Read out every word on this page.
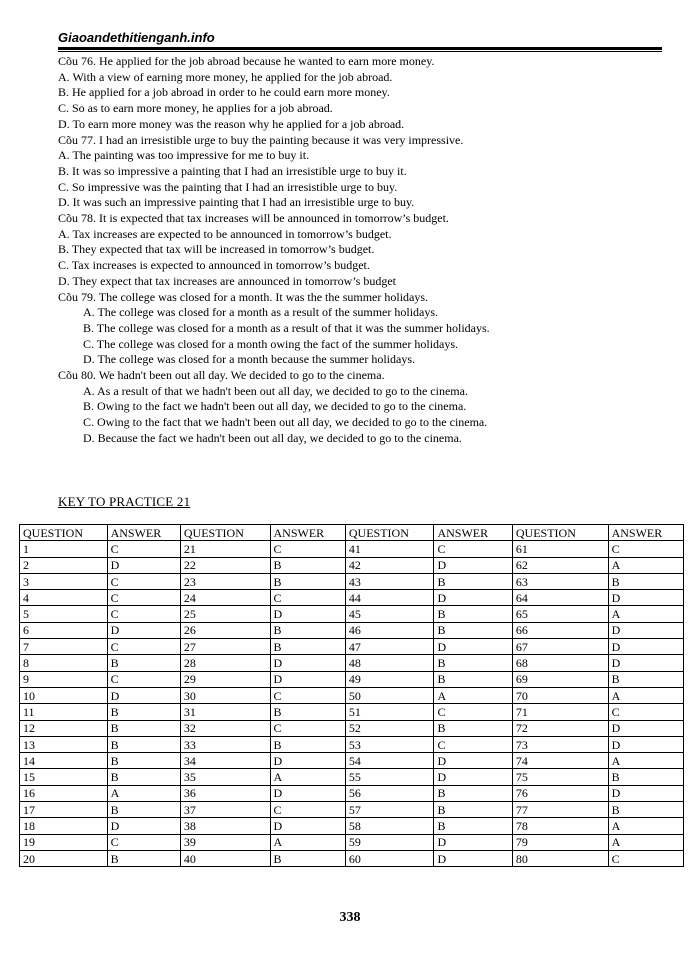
Giaoandethitienganh.info
Cõu 76. He applied for the job abroad because he wanted to earn more money.
A. With a view of earning more money, he applied for the job abroad.
B. He applied for a job abroad in order to he could earn more money.
C. So as to earn more money, he applies for a job abroad.
D. To earn more money was the reason why he applied for a job abroad.
Cõu 77. I had an irresistible urge to buy the painting because it was very impressive.
A. The painting was too impressive for me to buy it.
B. It was so impressive a painting that I had an irresistible urge to buy it.
C. So impressive was the painting that I had an irresistible urge to buy.
D. It was such an impressive painting that I had an irresistible urge to buy.
Cõu 78. It is expected that tax increases will be announced in tomorrow’s budget.
A. Tax increases are expected to be announced in tomorrow’s budget.
B. They expected that tax will be increased in tomorrow’s budget.
C. Tax increases is expected to announced in tomorrow’s budget.
D. They expect that tax increases are announced in tomorrow’s budget
Cõu 79. The college was closed for a month. It was the the summer holidays.
A. The college was closed for a month as a result of the summer holidays.
B. The college was closed for a month as a result of that it was the summer holidays.
C. The college was closed for a month owing the fact of the summer holidays.
D. The college was closed for a month because the summer holidays.
Cõu 80. We hadn't been out all day. We decided to go to the cinema.
A. As a result of that we hadn't been out all day, we decided to go to the cinema.
B. Owing to the fact we hadn't been out all day, we decided to go to the cinema.
C. Owing to the fact that we hadn't been out all day, we decided to go to the cinema.
D. Because the fact we hadn't been out all day, we decided to go to the cinema.
KEY TO PRACTICE 21
QUESTION	ANSWER	QUESTION	ANSWER	QUESTION	ANSWER	QUESTION	ANSWER
1	C	21	C	41	C	61	C
2	D	22	B	42	D	62	A
3	C	23	B	43	B	63	B
4	C	24	C	44	D	64	D
5	C	25	D	45	B	65	A
6	D	26	B	46	B	66	D
7	C	27	B	47	D	67	D
8	B	28	D	48	B	68	D
9	C	29	D	49	B	69	B
10	D	30	C	50	A	70	A
11	B	31	B	51	C	71	C
12	B	32	C	52	B	72	D
13	B	33	B	53	C	73	D
14	B	34	D	54	D	74	A
15	B	35	A	55	D	75	B
16	A	36	D	56	B	76	D
17	B	37	C	57	B	77	B
18	D	38	D	58	B	78	A
19	C	39	A	59	D	79	A
20	B	40	B	60	D	80	C
338
